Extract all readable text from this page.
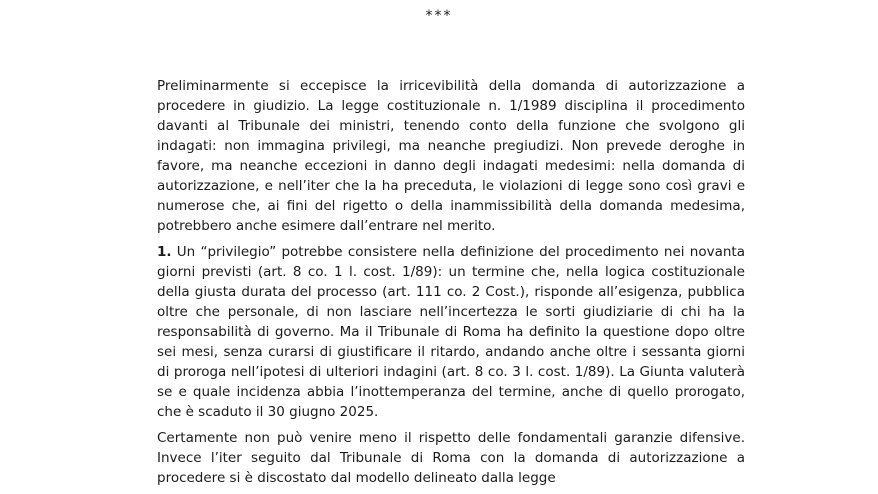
***

Preliminarmente si eccepisce la irricevibilità della domanda di autorizzazione a procedere in giudizio. La legge costituzionale n. 1/1989 disciplina il procedimento davanti al Tribunale dei ministri, tenendo conto della funzione che svolgono gli indagati: non immagina privilegi, ma neanche pregiudizi. Non prevede deroghe in favore, ma neanche eccezioni in danno degli indagati medesimi: nella domanda di autorizzazione, e nell’iter che la ha preceduta, le violazioni di legge sono così gravi e numerose che, ai fini del rigetto o della inammissibilità della domanda medesima, potrebbero anche esimere dall’entrare nel merito.

1. Un “privilegio” potrebbe consistere nella definizione del procedimento nei novanta giorni previsti (art. 8 co. 1 l. cost. 1/89): un termine che, nella logica costituzionale della giusta durata del processo (art. 111 co. 2 Cost.), risponde all’esigenza, pubblica oltre che personale, di non lasciare nell’incertezza le sorti giudiziarie di chi ha la responsabilità di governo. Ma il Tribunale di Roma ha definito la questione dopo oltre sei mesi, senza curarsi di giustificare il ritardo, andando anche oltre i sessanta giorni di proroga nell’ipotesi di ulteriori indagini (art. 8 co. 3 l. cost. 1/89). La Giunta valuterà se e quale incidenza abbia l’inottemperanza del termine, anche di quello prorogato, che è scaduto il 30 giugno 2025.

Certamente non può venire meno il rispetto delle fondamentali garanzie difensive. Invece l’iter seguito dal Tribunale di Roma con la domanda di autorizzazione a procedere si è discostato dal modello delineato dalla legge
